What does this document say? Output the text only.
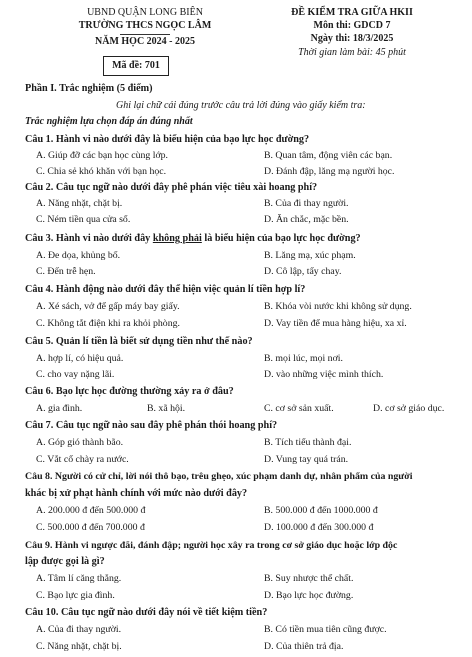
UBND QUẬN LONG BIÊN
TRƯỜNG THCS NGỌC LÂM
NĂM HỌC 2024 - 2025
Mã đề: 701
ĐỀ KIỂM TRA GIỮA HKII
Môn thi: GDCD 7
Ngày thi: 18/3/2025
Thời gian làm bài: 45 phút
Phần I. Trắc nghiệm (5 điểm)
Ghi lại chữ cái đúng trước câu trả lời đúng vào giấy kiểm tra:
Trắc nghiệm lựa chọn đáp án đúng nhất
Câu 1. Hành vi nào dưới đây là biểu hiện của bạo lực học đường?
A. Giúp đỡ các bạn học cùng lớp.	B. Quan tâm, động viên các bạn.
C. Chia sẻ khó khăn với bạn học.	D. Đánh đập, lăng mạ người học.
Câu 2. Câu tục ngữ nào dưới đây phê phán việc tiêu xài hoang phí?
A. Năng nhặt, chặt bị.	B. Của đi thay người.
C. Ném tiền qua cửa sổ.	D. Ăn chắc, mặc bền.
Câu 3. Hành vi nào dưới đây không phải là biểu hiện của bạo lực học đường?
A. Đe dọa, khủng bố.	B. Lăng mạ, xúc phạm.
C. Đến trễ hẹn.	D. Cô lập, tẩy chay.
Câu 4. Hành động nào dưới đây thể hiện việc quản lí tiền hợp lí?
A. Xé sách, vở để gấp máy bay giấy.	B. Khóa vòi nước khi không sử dụng.
C. Không tắt điện khi ra khỏi phòng.	D. Vay tiền để mua hàng hiệu, xa xỉ.
Câu 5. Quản lí tiền là biết sử dụng tiền như thế nào?
A. hợp lí, có hiệu quả.	B. mọi lúc, mọi nơi.
C. cho vay nặng lãi.	D. vào những việc mình thích.
Câu 6. Bạo lực học đường thường xảy ra ở đâu?
A. gia đình.	B. xã hội.	C. cơ sở sản xuất.	D. cơ sở giáo dục.
Câu 7. Câu tục ngữ nào sau đây phê phán thói hoang phí?
A. Góp gió thành bão.	B. Tích tiểu thành đại.
C. Vắt cổ chày ra nước.	D. Vung tay quá trán.
Câu 8. Người có cử chỉ, lời nói thô bạo, trêu ghẹo, xúc phạm danh dự, nhân phẩm của người
khác bị xử phạt hành chính với mức nào dưới đây?
A. 200.000 đ đến 500.000 đ	B. 500.000 đ đến 1000.000 đ
C. 500.000 đ đến 700.000 đ	D. 100.000 đ đến 300.000 đ
Câu 9. Hành vi ngược đãi, đánh đập; người học xây ra trong cơ sở giáo dục hoặc lớp độc
lập được gọi là gì?
A. Tâm lí căng thẳng.	B. Suy nhược thể chất.
C. Bạo lực gia đình.	D. Bạo lực học đường.
Câu 10. Câu tục ngữ nào dưới đây nói về tiết kiệm tiền?
A. Của đi thay người.	B. Có tiền mua tiên cũng được.
C. Năng nhặt, chặt bị.	D. Của thiên trả địa.
